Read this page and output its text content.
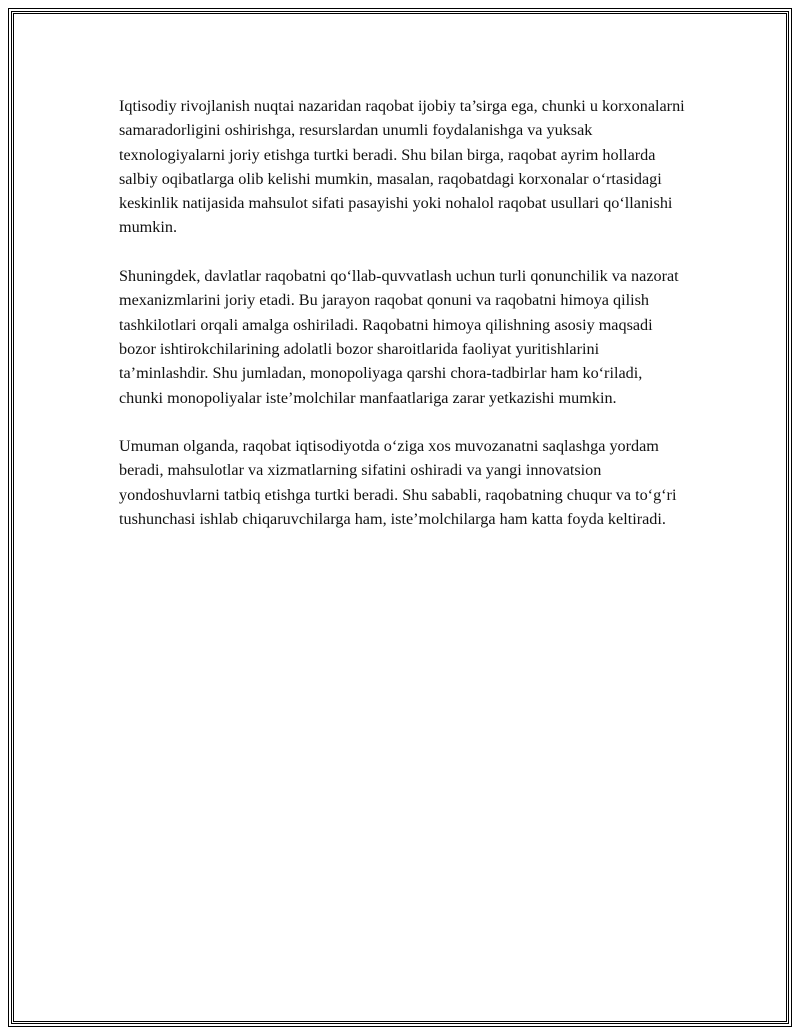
Iqtisodiy rivojlanish nuqtai nazaridan raqobat ijobiy ta’sirga ega, chunki u korxonalarni samaradorligini oshirishga, resurslardan unumli foydalanishga va yuksak texnologiyalarni joriy etishga turtki beradi. Shu bilan birga, raqobat ayrim hollarda salbiy oqibatlarga olib kelishi mumkin, masalan, raqobatdagi korxonalar oʻrtasidagi keskinlik natijasida mahsulot sifati pasayishi yoki nohalol raqobat usullari qoʻllanishi mumkin.

Shuningdek, davlatlar raqobatni qoʻllab-quvvatlash uchun turli qonunchilik va nazorat mexanizmlarini joriy etadi. Bu jarayon raqobat qonuni va raqobatni himoya qilish tashkilotlari orqali amalga oshiriladi. Raqobatni himoya qilishning asosiy maqsadi bozor ishtirokchilarining adolatli bozor sharoitlarida faoliyat yuritishlarini ta’minlashdir. Shu jumladan, monopoliyaga qarshi chora-tadbirlar ham koʻriladi, chunki monopoliyalar iste’molchilar manfaatlariga zarar yetkazishi mumkin.

Umuman olganda, raqobat iqtisodiyotda oʻziga xos muvozanatni saqlashga yordam beradi, mahsulotlar va xizmatlarning sifatini oshiradi va yangi innovatsion yondoshuvlarni tatbiq etishga turtki beradi. Shu sababli, raqobatning chuqur va toʻgʻri tushunchasi ishlab chiqaruvchilarga ham, iste’molchilarga ham katta foyda keltiradi.
